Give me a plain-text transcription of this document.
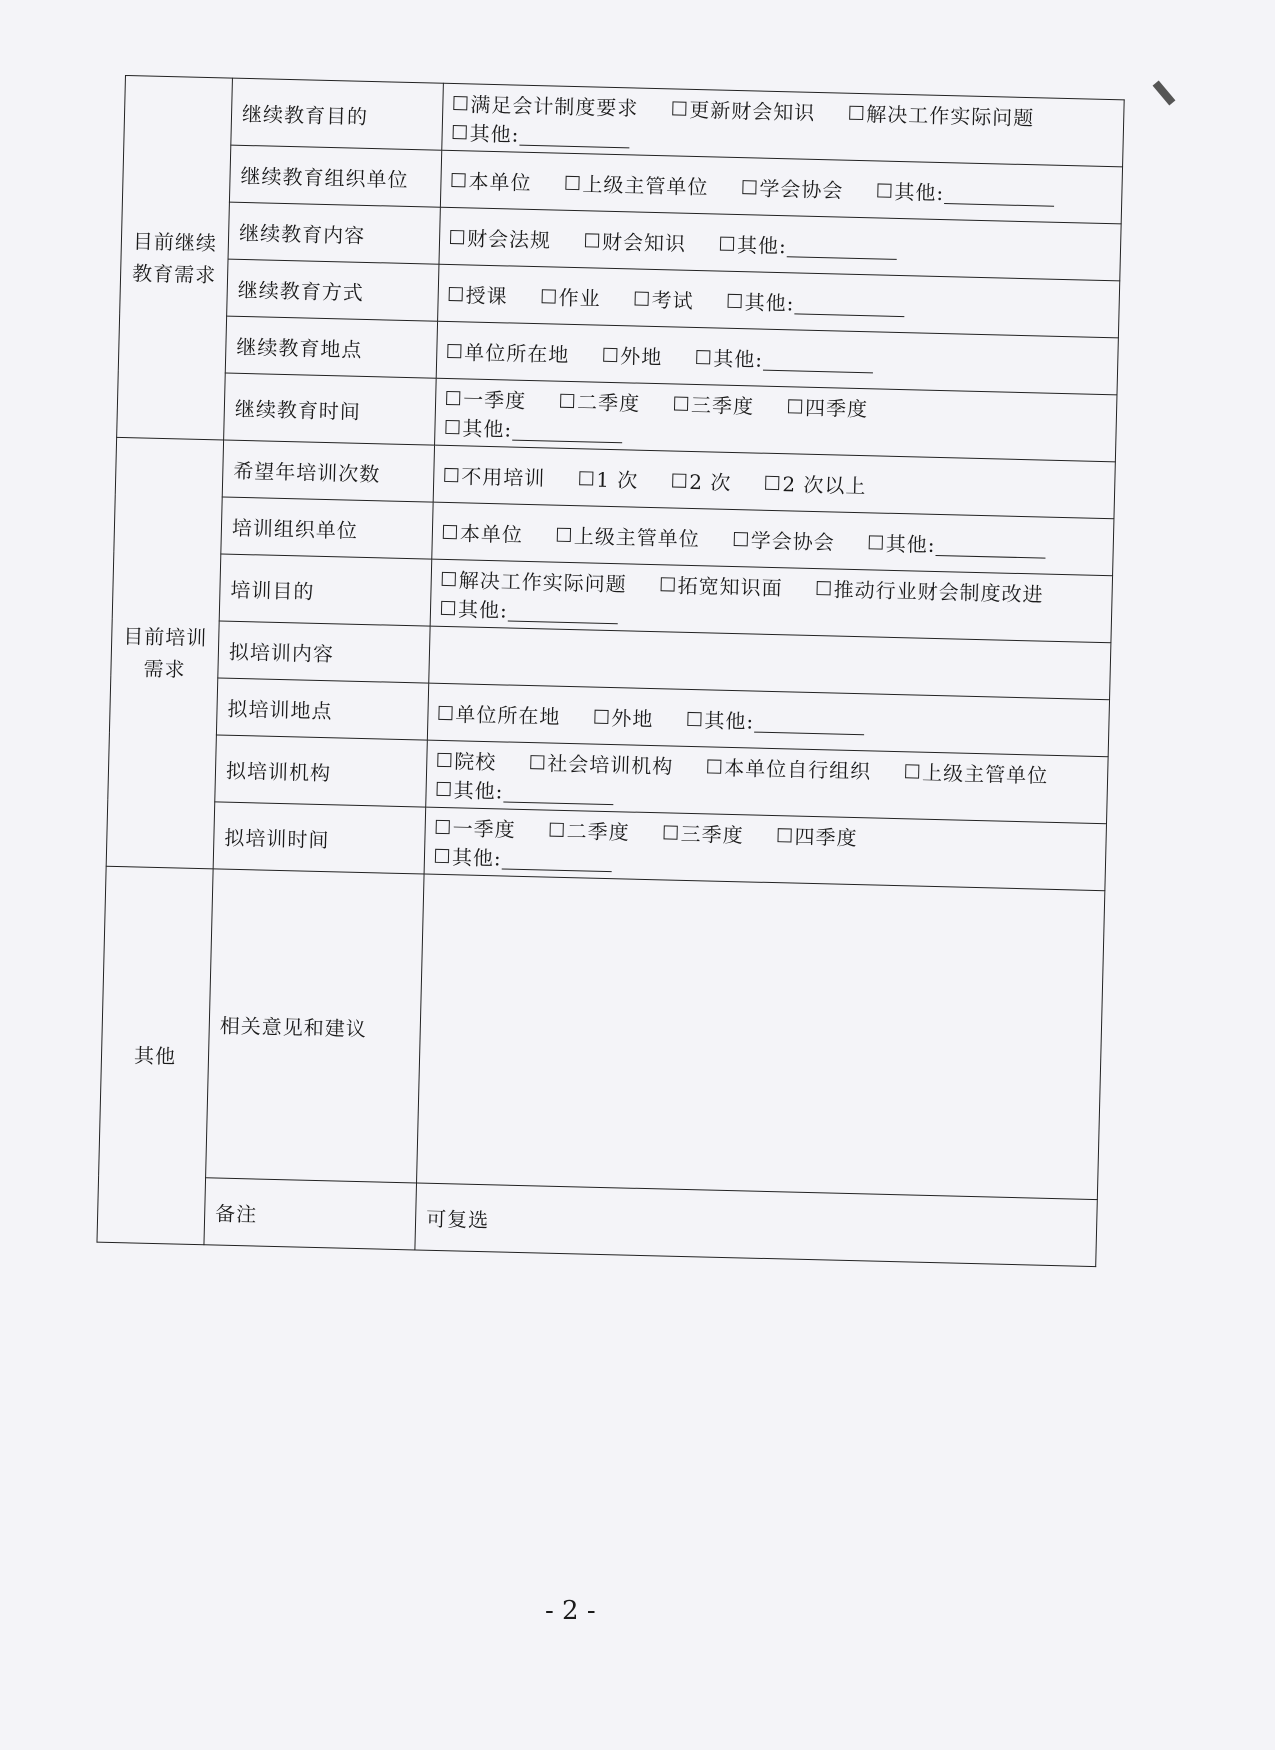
目前继续教育需求	继续教育目的	满足会计制度要求 更新财会知识 解决工作实际问题其他:
	继续教育组织单位	本单位 上级主管单位 学会协会 其他:
	继续教育内容	财会法规 财会知识 其他:
	继续教育方式	授课 作业 考试 其他:
	继续教育地点	单位所在地 外地 其他:
	继续教育时间	一季度 二季度 三季度 四季度其他:
目前培训需求	希望年培训次数	不用培训 1 次 2 次 2 次以上
	培训组织单位	本单位 上级主管单位 学会协会 其他:
	培训目的	解决工作实际问题 拓宽知识面 推动行业财会制度改进其他:
	拟培训内容	
	拟培训地点	单位所在地 外地 其他:
	拟培训机构	院校 社会培训机构 本单位自行组织 上级主管单位其他:
	拟培训时间	一季度 二季度 三季度 四季度其他:
其他	相关意见和建议	
	备注	可复选
- 2 -
